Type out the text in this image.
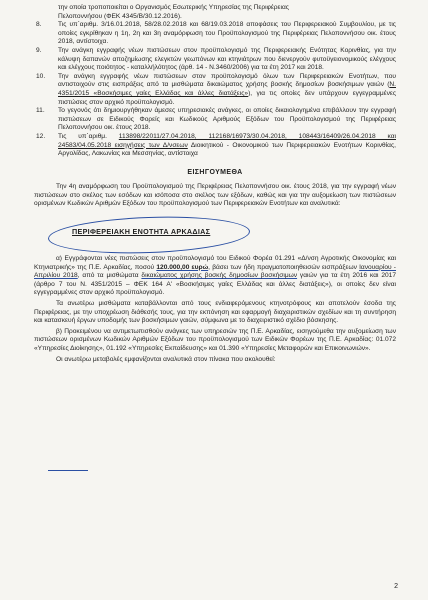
την οποία τροποποιείται ο Οργανισμός Εσωτερικής Υπηρεσίας της Περιφέρειας
Πελοποννήσου (ΦΕΚ 4345/Β/30.12.2016).
8.	Τις υπ΄αριθμ. 3/16.01.2018, 58/28.02.2018 και 68/19.03.2018 αποφάσεις του Περιφερειακού Συμβουλίου, με τις οποίες εγκρίθηκαν η 1η, 2η και 3η αναμόρφωση του Προϋπολογισμού της Περιφέρειας Πελοποννήσου οικ. έτους 2018, αντίστοιχα.
9.	Την ανάγκη εγγραφής νέων πιστώσεων στον προϋπολογισμό της Περιφερειακής Ενότητας Κορινθίας, για την κάλυψη δαπανών αποζημίωσης ελεγκτών γεωπόνων και κτηνιάτρων που διενεργούν φυτοϋγειονομικούς ελέγχους και ελέγχους ποιότητος - καταλλήλότητος (άρθ. 14 - Ν.3460/2006) για τα έτη 2017 και 2018.
10.	Την ανάγκη εγγραφής νέων πιστώσεων στον προϋπολογισμό όλων των Περιφερειακών Ενοτήτων, που αντιστοιχούν στις εισπράξεις από τα μισθώματα δικαιώματος χρήσης βοσκής δημοσίων βοσκήσιμων γαιών (Ν. 4351/2015 «Βοσκήσιμες γαίες Ελλάδας και άλλες διατάξεις»), για τις οποίες δεν υπάρχουν εγγεγραμμένες πιστώσεις στον αρχικό προϋπολογισμό.
11.	Το γεγονός ότι δημιουργήθηκαν άμεσες υπηρεσιακές ανάγκες, οι οποίες δικαιολογημένα επιβάλλουν την εγγραφή πιστώσεων σε Ειδικούς Φορείς και Κωδικούς Αριθμούς Εξόδων του Προϋπολογισμού της Περιφέρειας Πελοποννήσου οικ. έτους 2018.
12.	Τις υπ΄αριθμ. 113898/22011/27.04.2018, 112168/16973/30.04.2018, 108443/16409/26.04.2018 και 24583/04.05.2018 εισηγήσεις των Δ/νσεων Διοικητικού - Οικονομικού των Περιφερειακών Ενοτήτων Κορινθίας, Αργολίδας, Λακωνίας και Μεσσηνίας, αντίστοιχα
ΕΙΣΗΓΟΥΜΕΘΑ

Την 4η αναμόρφωση του Προϋπολογισμού της Περιφέρειας Πελοποννήσου οικ. έτους 2018, για την εγγραφή νέων πιστώσεων στο σκέλος των εσόδων και ισόποσα στο σκέλος των εξόδων, καθώς και για την αυξομείωση των πιστώσεων ορισμένων Κωδικών Αριθμών Εξόδων του προϋπολογισμού των Περιφερειακών Ενοτήτων και αναλυτικά:

ΠΕΡΙΦΕΡΕΙΑΚΗ ΕΝΟΤΗΤΑ ΑΡΚΑΔΙΑΣ

α) Εγγράφονται νέες πιστώσεις στον προϋπολογισμό του Ειδικού Φορέα 01.291 «Δ/νση Αγροτικής Οικονομίας και Κτηνιατρικής» της Π.Ε. Αρκαδίας, ποσού 120.000,00 ευρώ, βάσει των ήδη πραγματοποιηθεισών εισπράξεων Ιανουαρίου - Απριλίου 2018, από τα μισθώματα δικαιώματος χρήσης βοσκής δημοσίων βοσκήσιμων γαιών για τα έτη 2016 και 2017 (άρθρο 7 του Ν. 4351/2015 – ΦΕΚ 164 Α' «Βοσκήσιμες γαίες Ελλάδας και άλλες διατάξεις»), οι οποίες δεν είναι εγγεγραμμένες στον αρχικό προϋπολογισμό.

Τα ανωτέρω μισθώματα καταβάλλονται από τους ενδιαφερόμενους κτηνοτρόφους και αποτελούν έσοδα της Περιφέρειας, με την υποχρέωση διάθεσής τους, για την εκπόνηση και εφαρμογή διαχειριστικών σχεδίων και τη συντήρηση και κατασκευή έργων υποδομής των βοσκήσιμων γαιών, σύμφωνα με το διαχειριστικό σχέδιο βόσκησης.

β) Προκειμένου να αντιμετωπισθούν ανάγκες των υπηρεσιών της Π.Ε. Αρκαδίας, εισηγούμεθα την αυξομείωση των πιστώσεων ορισμένων Κωδικών Αριθμών Εξόδων του προϋπολογισμού των Ειδικών Φορέων της Π.Ε. Αρκαδίας: 01.072 «Υπηρεσίες Διοίκησης», 01.192 «Υπηρεσίες Εκπαίδευσης» και 01.390 «Υπηρεσίες Μεταφορών και Επικοινωνιών».

Οι ανωτέρω μεταβολές εμφανίζονται αναλυτικά στον πίνακα που ακολουθεί:

2
